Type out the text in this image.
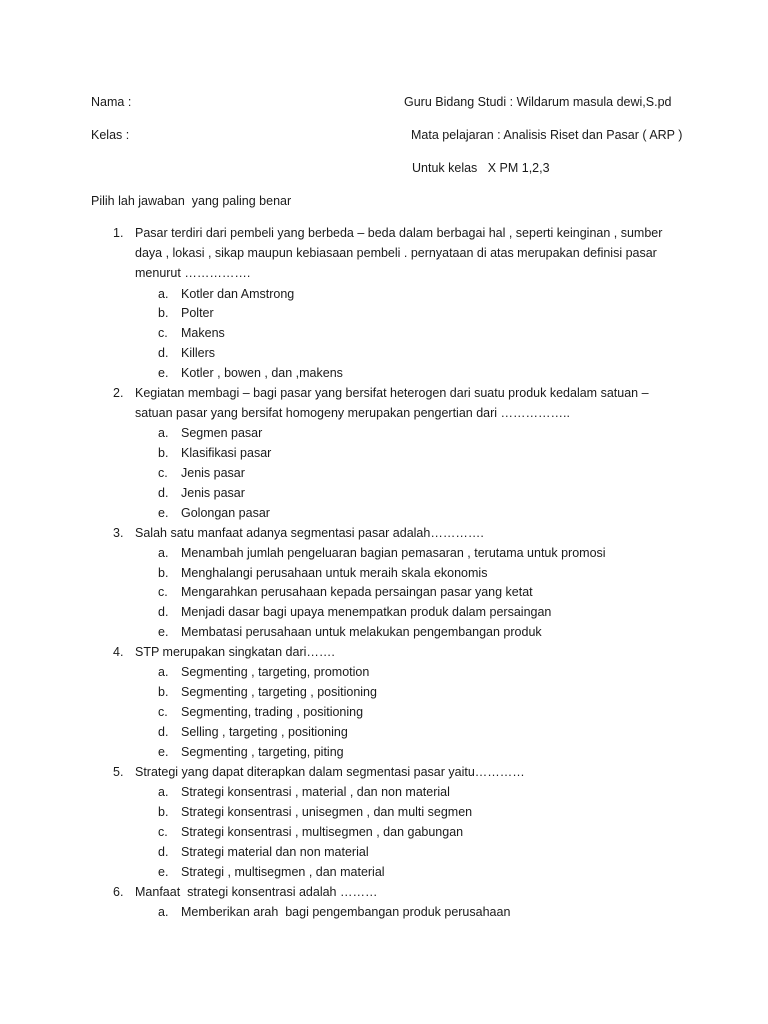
Nama :	Guru Bidang Studi : Wildarum masula dewi,S.pd
Kelas :	Mata pelajaran : Analisis Riset dan Pasar ( ARP )
Untuk kelas   X PM 1,2,3
Pilih lah jawaban  yang paling benar
1. Pasar terdiri dari pembeli yang berbeda – beda dalam berbagai hal , seperti keinginan , sumber
daya , lokasi , sikap maupun kebiasaan pembeli . pernyataan di atas merupakan definisi pasar
menurut …………….
a. Kotler dan Amstrong
b. Polter
c. Makens
d. Killers
e. Kotler , bowen , dan ,makens
2. Kegiatan membagi – bagi pasar yang bersifat heterogen dari suatu produk kedalam satuan –
satuan pasar yang bersifat homogeny merupakan pengertian dari ……………..
a. Segmen pasar
b. Klasifikasi pasar
c. Jenis pasar
d. Jenis pasar
e. Golongan pasar
3. Salah satu manfaat adanya segmentasi pasar adalah………….
a. Menambah jumlah pengeluaran bagian pemasaran , terutama untuk promosi
b. Menghalangi perusahaan untuk meraih skala ekonomis
c. Mengarahkan perusahaan kepada persaingan pasar yang ketat
d. Menjadi dasar bagi upaya menempatkan produk dalam persaingan
e. Membatasi perusahaan untuk melakukan pengembangan produk
4. STP merupakan singkatan dari…….
a. Segmenting , targeting, promotion
b. Segmenting , targeting , positioning
c. Segmenting, trading , positioning
d. Selling , targeting , positioning
e. Segmenting , targeting, piting
5. Strategi yang dapat diterapkan dalam segmentasi pasar yaitu…………
a. Strategi konsentrasi , material , dan non material
b. Strategi konsentrasi , unisegmen , dan multi segmen
c. Strategi konsentrasi , multisegmen , dan gabungan
d. Strategi material dan non material
e. Strategi , multisegmen , dan material
6. Manfaat  strategi konsentrasi adalah ………
a. Memberikan arah  bagi pengembangan produk perusahaan
